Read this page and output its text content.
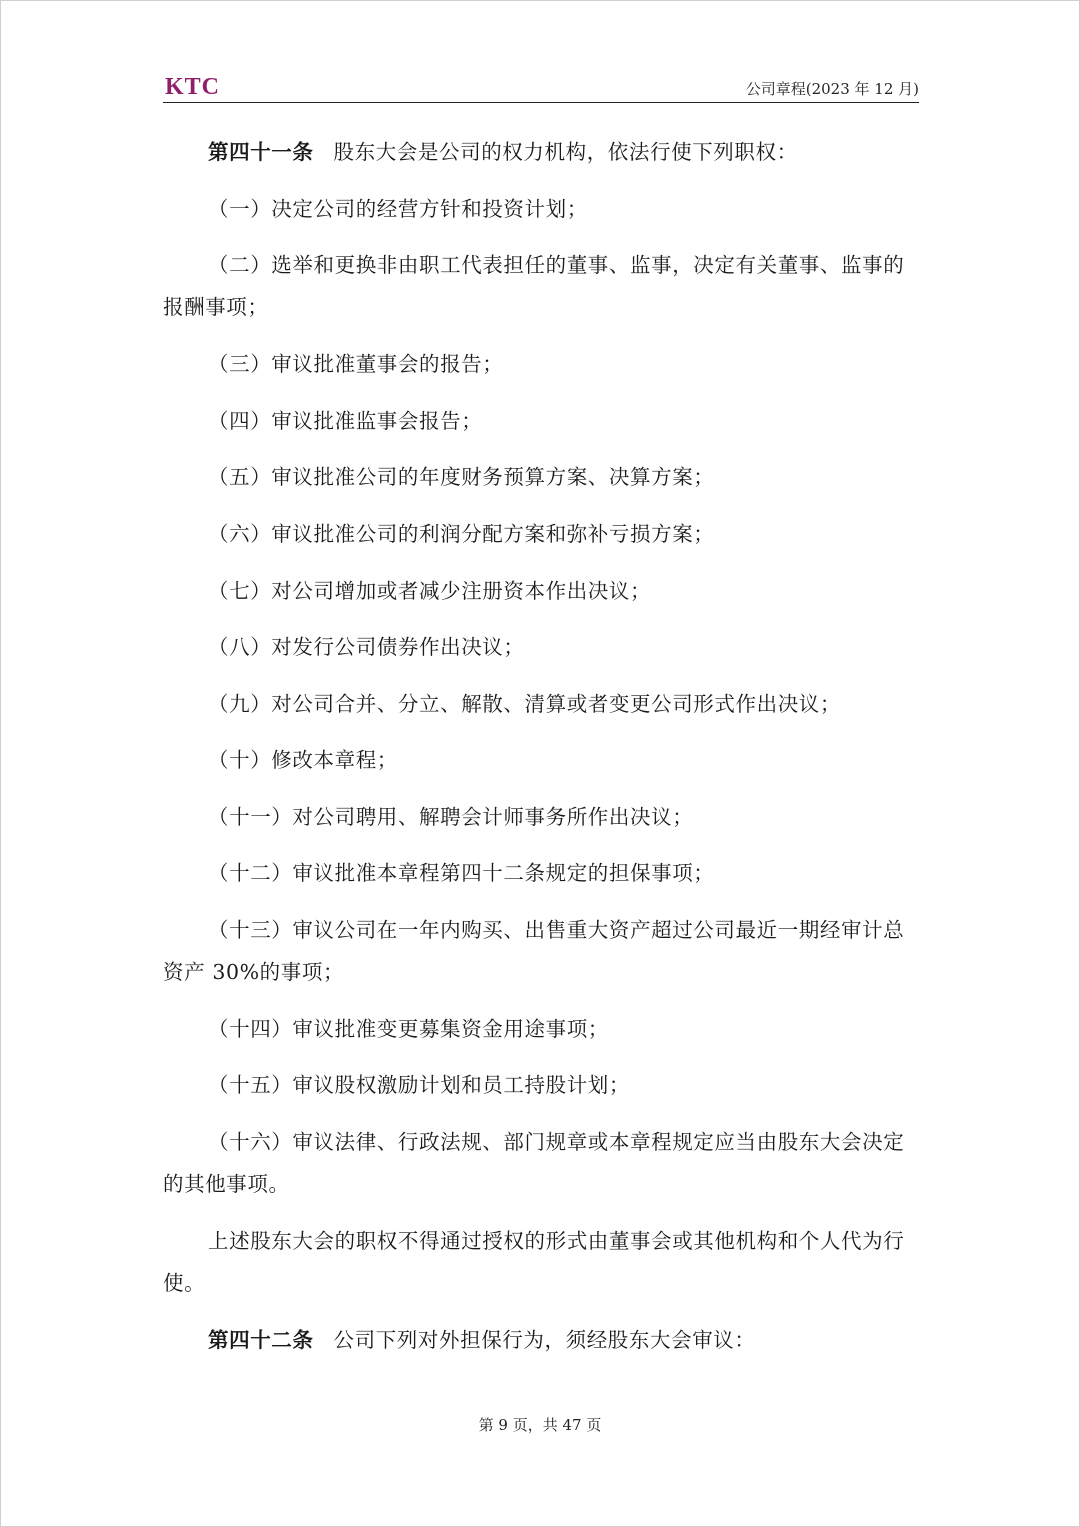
KTC	公司章程(2023 年 12 月)
第四十一条 股东大会是公司的权力机构，依法行使下列职权：
（一）决定公司的经营方针和投资计划；
（二）选举和更换非由职工代表担任的董事、监事，决定有关董事、监事的报酬事项；
（三）审议批准董事会的报告；
（四）审议批准监事会报告；
（五）审议批准公司的年度财务预算方案、决算方案；
（六）审议批准公司的利润分配方案和弥补亏损方案；
（七）对公司增加或者减少注册资本作出决议；
（八）对发行公司债券作出决议；
（九）对公司合并、分立、解散、清算或者变更公司形式作出决议；
（十）修改本章程；
（十一）对公司聘用、解聘会计师事务所作出决议；
（十二）审议批准本章程第四十二条规定的担保事项；
（十三）审议公司在一年内购买、出售重大资产超过公司最近一期经审计总资产 30%的事项；
（十四）审议批准变更募集资金用途事项；
（十五）审议股权激励计划和员工持股计划；
（十六）审议法律、行政法规、部门规章或本章程规定应当由股东大会决定的其他事项。
上述股东大会的职权不得通过授权的形式由董事会或其他机构和个人代为行使。
第四十二条 公司下列对外担保行为，须经股东大会审议：
第 9 页，共 47 页
